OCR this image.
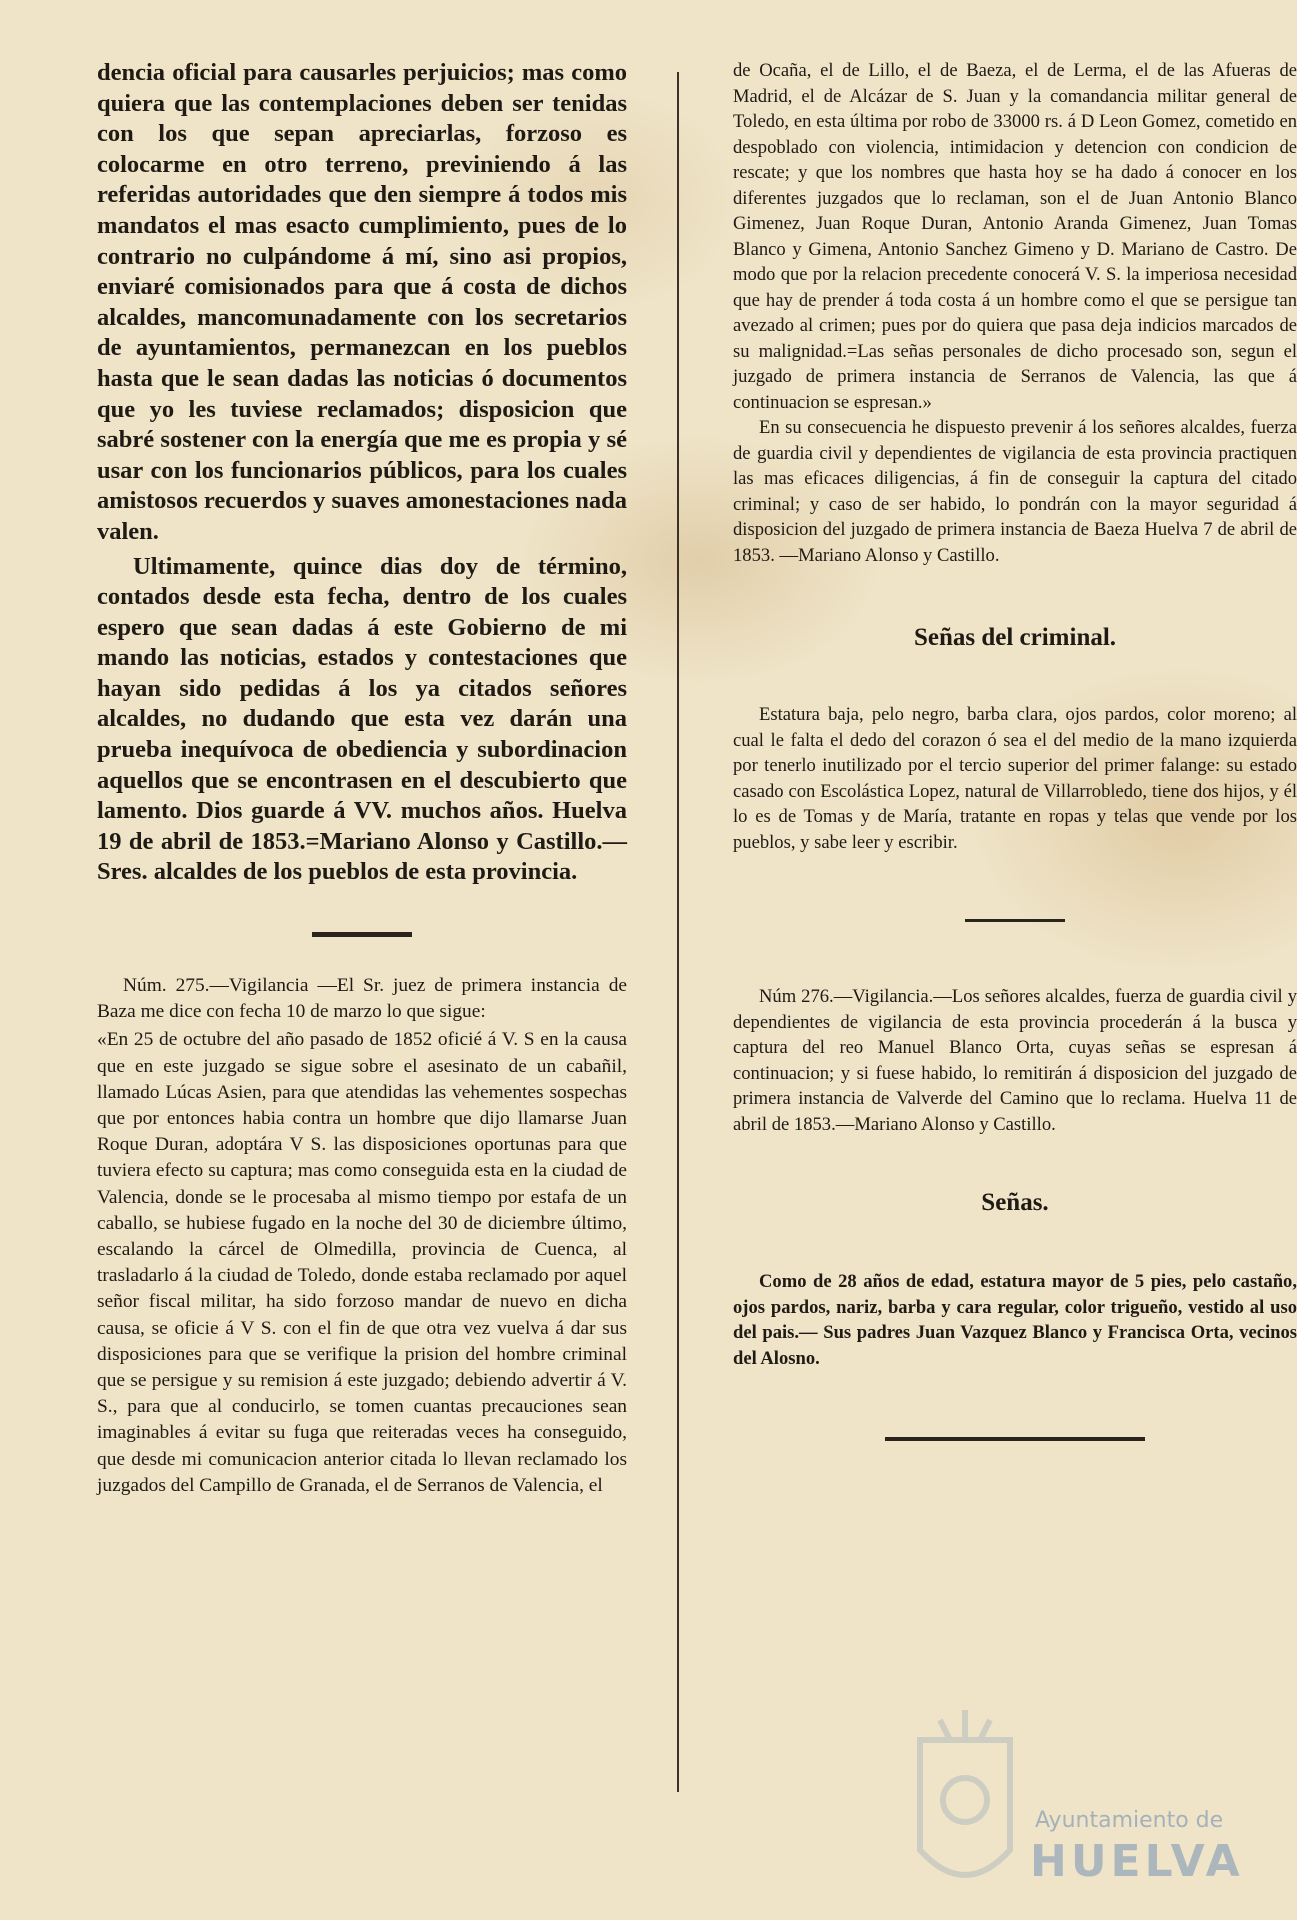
dencia oficial para causarles perjuicios; mas como quiera que las contemplaciones deben ser tenidas con los que sepan apreciarlas, forzoso es colocarme en otro terreno, previniendo á las referidas autoridades que den siempre á todos mis mandatos el mas esacto cumplimiento, pues de lo contrario no culpándome á mí, sino asi propios, enviaré comisionados para que á costa de dichos alcaldes, mancomunadamente con los secretarios de ayuntamientos, permanezcan en los pueblos hasta que le sean dadas las noticias ó documentos que yo les tuviese reclamados; disposicion que sabré sostener con la energía que me es propia y sé usar con los funcionarios públicos, para los cuales amistosos recuerdos y suaves amonestaciones nada valen.

Ultimamente, quince dias doy de término, contados desde esta fecha, dentro de los cuales espero que sean dadas á este Gobierno de mi mando las noticias, estados y contestaciones que hayan sido pedidas á los ya citados señores alcaldes, no dudando que esta vez darán una prueba inequívoca de obediencia y subordinacion aquellos que se encontrasen en el descubierto que lamento. Dios guarde á VV. muchos años. Huelva 19 de abril de 1853.=Mariano Alonso y Castillo.— Sres. alcaldes de los pueblos de esta provincia.

Núm. 275.—Vigilancia —El Sr. juez de primera instancia de Baza me dice con fecha 10 de marzo lo que sigue:

«En 25 de octubre del año pasado de 1852 oficié á V. S en la causa que en este juzgado se sigue sobre el asesinato de un cabañil, llamado Lúcas Asien, para que atendidas las vehementes sospechas que por entonces habia contra un hombre que dijo llamarse Juan Roque Duran, adoptára V S. las disposiciones oportunas para que tuviera efecto su captura; mas como conseguida esta en la ciudad de Valencia, donde se le procesaba al mismo tiempo por estafa de un caballo, se hubiese fugado en la noche del 30 de diciembre último, escalando la cárcel de Olmedilla, provincia de Cuenca, al trasladarlo á la ciudad de Toledo, donde estaba reclamado por aquel señor fiscal militar, ha sido forzoso mandar de nuevo en dicha causa, se oficie á V S. con el fin de que otra vez vuelva á dar sus disposiciones para que se verifique la prision del hombre criminal que se persigue y su remision á este juzgado; debiendo advertir á V. S., para que al conducirlo, se tomen cuantas precauciones sean imaginables á evitar su fuga que reiteradas veces ha conseguido, que desde mi comunicacion anterior citada lo llevan reclamado los juzgados del Campillo de Granada, el de Serranos de Valencia, el

de Ocaña, el de Lillo, el de Baeza, el de Lerma, el de las Afueras de Madrid, el de Alcázar de S. Juan y la comandancia militar general de Toledo, en esta última por robo de 33000 rs. á D Leon Gomez, cometido en despoblado con violencia, intimidacion y detencion con condicion de rescate; y que los nombres que hasta hoy se ha dado á conocer en los diferentes juzgados que lo reclaman, son el de Juan Antonio Blanco Gimenez, Juan Roque Duran, Antonio Aranda Gimenez, Juan Tomas Blanco y Gimena, Antonio Sanchez Gimeno y D. Mariano de Castro. De modo que por la relacion precedente conocerá V. S. la imperiosa necesidad que hay de prender á toda costa á un hombre como el que se persigue tan avezado al crimen; pues por do quiera que pasa deja indicios marcados de su malignidad.=Las señas personales de dicho procesado son, segun el juzgado de primera instancia de Serranos de Valencia, las que á continuacion se espresan.»

En su consecuencia he dispuesto prevenir á los señores alcaldes, fuerza de guardia civil y dependientes de vigilancia de esta provincia practiquen las mas eficaces diligencias, á fin de conseguir la captura del citado criminal; y caso de ser habido, lo pondrán con la mayor seguridad á disposicion del juzgado de primera instancia de Baeza Huelva 7 de abril de 1853. —Mariano Alonso y Castillo.

Señas del criminal.

Estatura baja, pelo negro, barba clara, ojos pardos, color moreno; al cual le falta el dedo del corazon ó sea el del medio de la mano izquierda por tenerlo inutilizado por el tercio superior del primer falange: su estado casado con Escolástica Lopez, natural de Villarrobledo, tiene dos hijos, y él lo es de Tomas y de María, tratante en ropas y telas que vende por los pueblos, y sabe leer y escribir.

Núm 276.—Vigilancia.—Los señores alcaldes, fuerza de guardia civil y dependientes de vigilancia de esta provincia procederán á la busca y captura del reo Manuel Blanco Orta, cuyas señas se espresan á continuacion; y si fuese habido, lo remitirán á disposicion del juzgado de primera instancia de Valverde del Camino que lo reclama. Huelva 11 de abril de 1853.—Mariano Alonso y Castillo.

Señas.

Como de 28 años de edad, estatura mayor de 5 pies, pelo castaño, ojos pardos, nariz, barba y cara regular, color trigueño, vestido al uso del pais.— Sus padres Juan Vazquez Blanco y Francisca Orta, vecinos del Alosno.

Ayuntamiento de
HUELVA
